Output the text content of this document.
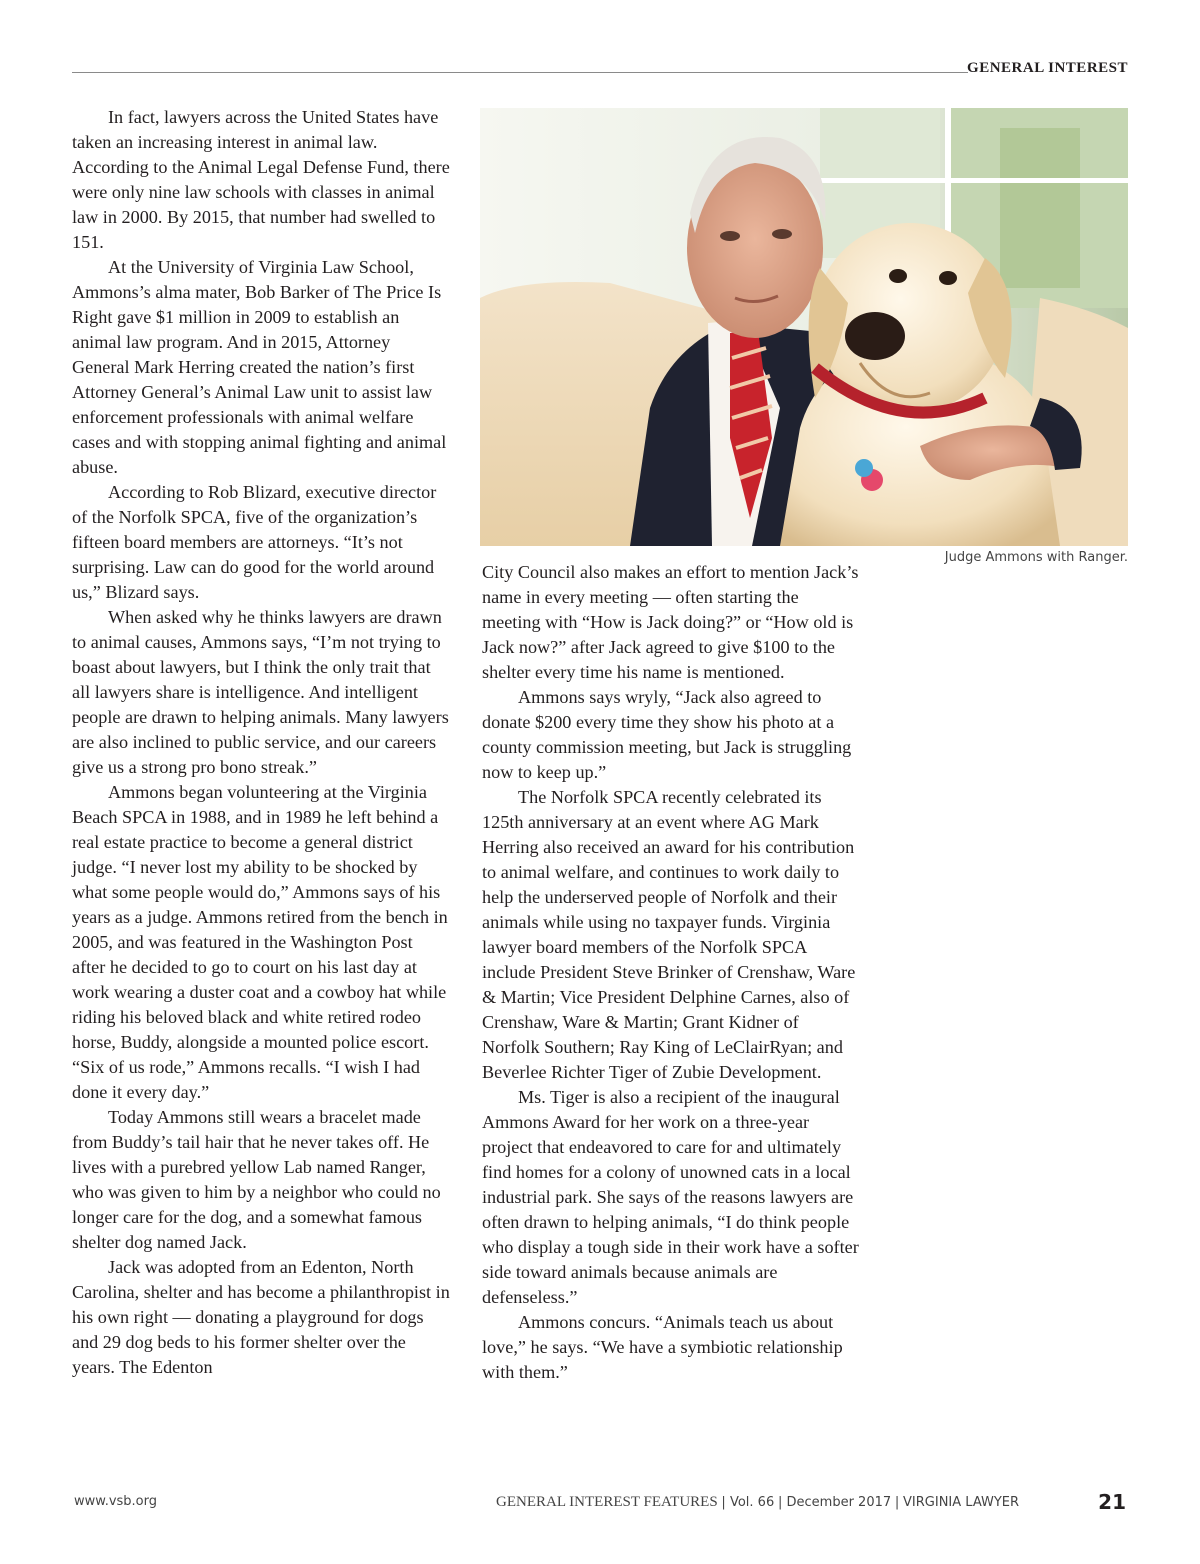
GENERAL INTEREST

In fact, lawyers across the United States have taken an increasing interest in animal law. According to the Animal Legal Defense Fund, there were only nine law schools with classes in animal law in 2000. By 2015, that number had swelled to 151.

At the University of Virginia Law School, Ammons’s alma mater, Bob Barker of The Price Is Right gave $1 million in 2009 to establish an animal law program. And in 2015, Attorney General Mark Herring created the nation’s first Attorney General’s Animal Law unit to assist law enforcement professionals with animal welfare cases and with stopping animal fighting and animal abuse.

According to Rob Blizard, executive director of the Norfolk SPCA, five of the organization’s fifteen board members are attorneys. “It’s not surprising. Law can do good for the world around us,” Blizard says.

When asked why he thinks lawyers are drawn to animal causes, Ammons says, “I’m not trying to boast about lawyers, but I think the only trait that all lawyers share is intelligence. And intelligent people are drawn to helping animals. Many lawyers are also inclined to public service, and our careers give us a strong pro bono streak.”

Ammons began volunteering at the Virginia Beach SPCA in 1988, and in 1989 he left behind a real estate practice to become a general district judge. “I never lost my ability to be shocked by what some people would do,” Ammons says of his years as a judge. Ammons retired from the bench in 2005, and was featured in the Washington Post after he decided to go to court on his last day at work wearing a duster coat and a cowboy hat while riding his beloved black and white retired rodeo horse, Buddy, alongside a mounted police escort. “Six of us rode,” Ammons recalls. “I wish I had done it every day.”

Today Ammons still wears a bracelet made from Buddy’s tail hair that he never takes off. He lives with a purebred yellow Lab named Ranger, who was given to him by a neighbor who could no longer care for the dog, and a somewhat famous shelter dog named Jack.

Jack was adopted from an Edenton, North Carolina, shelter and has become a philanthropist in his own right — donating a playground for dogs and 29 dog beds to his former shelter over the years. The Edenton

Judge Ammons with Ranger.

City Council also makes an effort to mention Jack’s name in every meeting — often starting the meeting with “How is Jack doing?” or “How old is Jack now?” after Jack agreed to give $100 to the shelter every time his name is mentioned.

Ammons says wryly, “Jack also agreed to donate $200 every time they show his photo at a county commission meeting, but Jack is struggling now to keep up.”

The Norfolk SPCA recently celebrated its 125th anniversary at an event where AG Mark Herring also received an award for his contribution to animal welfare, and continues to work daily to help the underserved people of Norfolk and their animals while using no taxpayer funds. Virginia lawyer board members of the Norfolk SPCA include President Steve Brinker of Crenshaw, Ware & Martin; Vice President Delphine Carnes, also of Crenshaw, Ware & Martin; Grant Kidner of Norfolk Southern; Ray King of LeClairRyan; and Beverlee Richter Tiger of Zubie Development.

Ms. Tiger is also a recipient of the inaugural Ammons Award for her work on a three-year project that endeavored to care for and ultimately find homes for a colony of unowned cats in a local industrial park. She says of the reasons lawyers are often drawn to helping animals, “I do think people who display a tough side in their work have a softer side toward animals because animals are defenseless.”

Ammons concurs. “Animals teach us about love,” he says. “We have a symbiotic relationship with them.”

www.vsb.org	GENERAL INTEREST FEATURES | Vol. 66 | December 2017 | VIRGINIA LAWYER	21
